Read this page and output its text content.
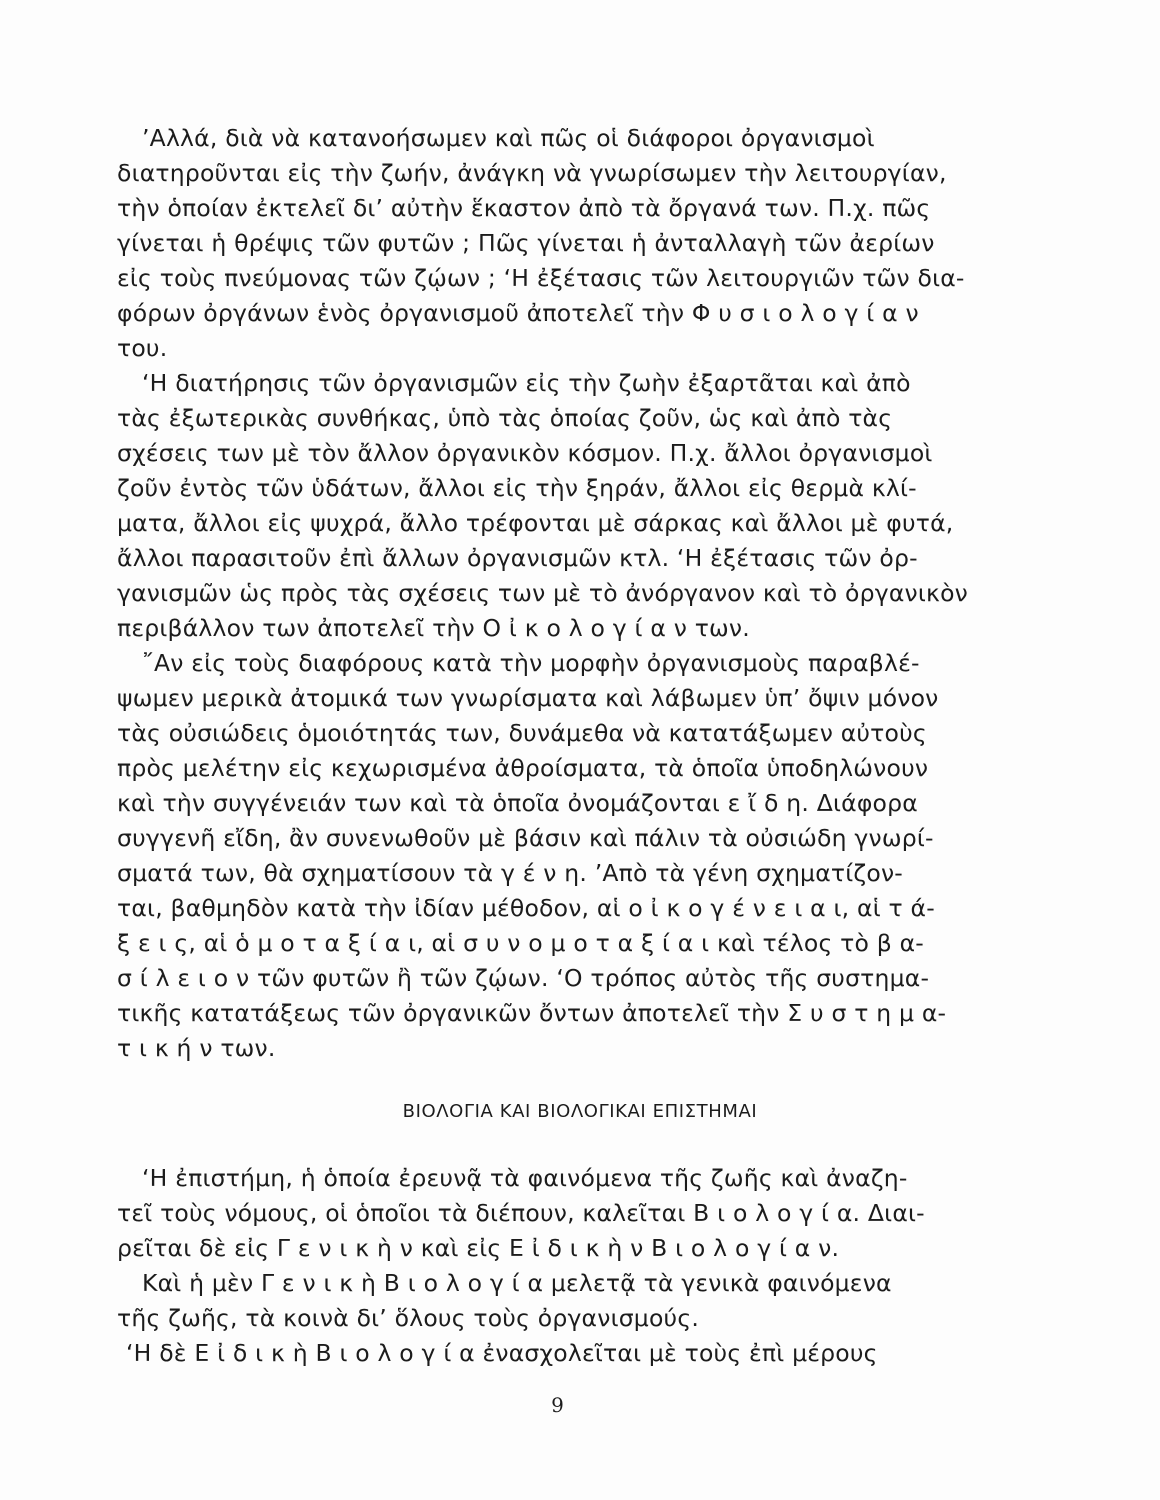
’Αλλά, διὰ νὰ κατανοήσωμεν καὶ πῶς οἱ διάφοροι ὀργανισμοὶ
διατηροῦνται εἰς τὴν ζωήν, ἀνάγκη νὰ γνωρίσωμεν τὴν λειτουργίαν,
τὴν ὁποίαν ἐκτελεῖ δι’ αὐτὴν ἕκαστον ἀπὸ τὰ ὄργανά των. Π.χ. πῶς
γίνεται ἡ θρέψις τῶν φυτῶν ; Πῶς γίνεται ἡ ἀνταλλαγὴ τῶν ἀερίων
εἰς τοὺς πνεύμονας τῶν ζῴων ; ‘Η ἐξέτασις τῶν λειτουργιῶν τῶν δια-
φόρων ὀργάνων ἑνὸς ὀργανισμοῦ ἀποτελεῖ τὴν Φ υ σ ι ο λ ο γ ί α ν
του.
‘Η διατήρησις τῶν ὀργανισμῶν εἰς τὴν ζωὴν ἐξαρτᾶται καὶ ἀπὸ
τὰς ἐξωτερικὰς συνθήκας, ὑπὸ τὰς ὁποίας ζοῦν, ὡς καὶ ἀπὸ τὰς
σχέσεις των μὲ τὸν ἄλλον ὀργανικὸν κόσμον. Π.χ. ἄλλοι ὀργανισμοὶ
ζοῦν ἐντὸς τῶν ὑδάτων, ἄλλοι εἰς τὴν ξηράν, ἄλλοι εἰς θερμὰ κλί-
ματα, ἄλλοι εἰς ψυχρά, ἄλλο τρέφονται μὲ σάρκας καὶ ἄλλοι μὲ φυτά,
ἄλλοι παρασιτοῦν ἐπὶ ἄλλων ὀργανισμῶν κτλ. ‘Η ἐξέτασις τῶν ὀρ-
γανισμῶν ὡς πρὸς τὰς σχέσεις των μὲ τὸ ἀνόργανον καὶ τὸ ὀργανικὸν
περιβάλλον των ἀποτελεῖ τὴν Ο ἰ κ ο λ ο γ ί α ν των.
῎Αν εἰς τοὺς διαφόρους κατὰ τὴν μορφὴν ὀργανισμοὺς παραβλέ-
ψωμεν μερικὰ ἀτομικά των γνωρίσματα καὶ λάβωμεν ὑπ’ ὄψιν μόνον
τὰς οὐσιώδεις ὁμοιότητάς των, δυνάμεθα νὰ κατατάξωμεν αὐτοὺς
πρὸς μελέτην εἰς κεχωρισμένα ἀθροίσματα, τὰ ὁποῖα ὑποδηλώνουν
καὶ τὴν συγγένειάν των καὶ τὰ ὁποῖα ὀνομάζονται ε ἴ δ η. Διάφορα
συγγενῆ εἴδη, ἂν συνενωθοῦν μὲ βάσιν καὶ πάλιν τὰ οὐσιώδη γνωρί-
σματά των, θὰ σχηματίσουν τὰ γ έ ν η. ’Απὸ τὰ γένη σχηματίζον-
ται, βαθμηδὸν κατὰ τὴν ἰδίαν μέθοδον, αἱ ο ἰ κ ο γ έ ν ε ι α ι, αἱ τ ά-
ξ ε ι ς, αἱ ὁ μ ο τ α ξ ί α ι, αἱ σ υ ν ο μ ο τ α ξ ί α ι καὶ τέλος τὸ β α-
σ ί λ ε ι ο ν τῶν φυτῶν ἢ τῶν ζῴων. ‘Ο τρόπος αὐτὸς τῆς συστημα-
τικῆς κατατάξεως τῶν ὀργανικῶν ὄντων ἀποτελεῖ τὴν Σ υ σ τ η μ α-
τ ι κ ή ν των.
ΒΙΟΛΟΓΙΑ ΚΑΙ ΒΙΟΛΟΓΙΚΑΙ ΕΠΙΣΤΗΜΑΙ
‘Η ἐπιστήμη, ἡ ὁποία ἐρευνᾷ τὰ φαινόμενα τῆς ζωῆς καὶ ἀναζη-
τεῖ τοὺς νόμους, οἱ ὁποῖοι τὰ διέπουν, καλεῖται Β ι ο λ ο γ ί α. Διαι-
ρεῖται δὲ εἰς Γ ε ν ι κ ὴ ν καὶ εἰς Ε ἰ δ ι κ ὴ ν Β ι ο λ ο γ ί α ν.
Καὶ ἡ μὲν Γ ε ν ι κ ὴ Β ι ο λ ο γ ί α μελετᾷ τὰ γενικὰ φαινόμενα
τῆς ζωῆς, τὰ κοινὰ δι’ ὅλους τοὺς ὀργανισμούς.
‘Η δὲ Ε ἰ δ ι κ ὴ Β ι ο λ ο γ ί α ἐνασχολεῖται μὲ τοὺς ἐπὶ μέρους
9
